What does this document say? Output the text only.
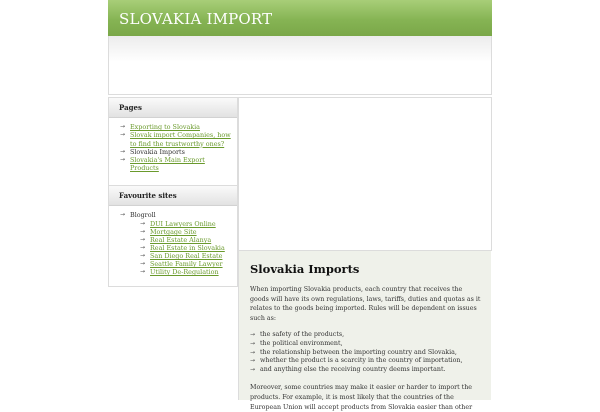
SLOVAKIA IMPORT
Pages
→ Exporting to Slovakia
→ Slovak import Companies, how to find the trustworthy ones?
→ Slovakia Imports
→ Slovakia's Main Export Products
Favourite sites
→ Blogroll
→ DUI Lawyers Online
→ Mortgage Site
→ Real Estate Alanya
→ Real Estate in Slovakia
→ San Diego Real Estate
→ Seattle Family Lawyer
→ Utility De-Regulation	Slovakia Imports

When importing Slovakia products, each country that receives the goods will have its own regulations, laws, tariffs, duties and quotas as it relates to the goods being imported. Rules will be dependent on issues such as:

→ the safety of the products,
→ the political environment,
→ the relationship between the importing country and Slovakia,
→ whether the product is a scarcity in the country of importation,
→ and anything else the receiving country deems important.

Moreover, some countries may make it easier or harder to import the products. For example, it is most likely that the countries of the European Union will accept products from Slovakia easier than other
